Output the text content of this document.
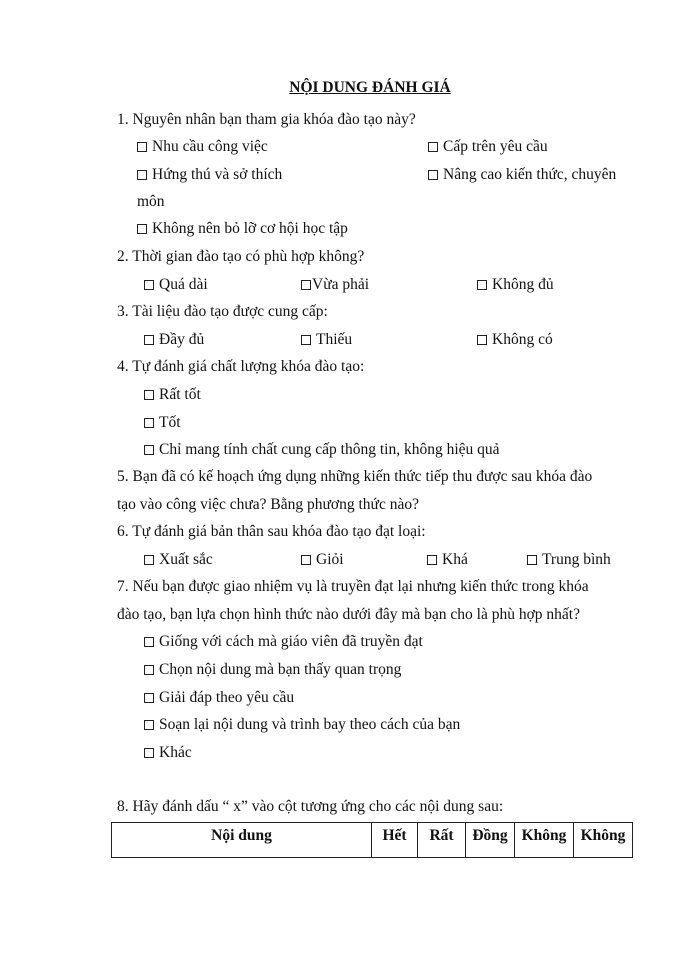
NỘI DUNG ĐÁNH GIÁ
1. Nguyên nhân bạn tham gia khóa đào tạo này?
Nhu cầu công việc	Cấp trên yêu cầu
Hứng thú và sở thích	Nâng cao kiến thức, chuyên
môn
Không nên bỏ lỡ cơ hội học tập
2. Thời gian đào tạo có phù hợp không?
Quá dài	Vừa phải	Không đủ
3. Tài liệu đào tạo được cung cấp:
Đầy đủ	Thiếu	Không có
4. Tự đánh giá chất lượng khóa đào tạo:
Rất tốt
Tốt
Chỉ mang tính chất cung cấp thông tin, không hiệu quả
5. Bạn đã có kế hoạch ứng dụng những kiến thức tiếp thu được sau khóa đào
tạo vào công việc chưa? Bằng phương thức nào?
6. Tự đánh giá bản thân sau khóa đào tạo đạt loại:
Xuất sắc	Giỏi	Khá	Trung bình
7. Nếu bạn được giao nhiệm vụ là truyền đạt lại nhưng kiến thức trong khóa
đào tạo, bạn lựa chọn hình thức nào dưới đây mà bạn cho là phù hợp nhất?
Giống với cách mà giáo viên đã truyền đạt
Chọn nội dung mà bạn thấy quan trọng
Giải đáp theo yêu cầu
Soạn lại nội dung và trình bay theo cách của bạn
Khác
8. Hãy đánh dấu “ x” vào cột tương ứng cho các nội dung sau:
Nội dung	Hết	Rất	Đồng	Không	Không
